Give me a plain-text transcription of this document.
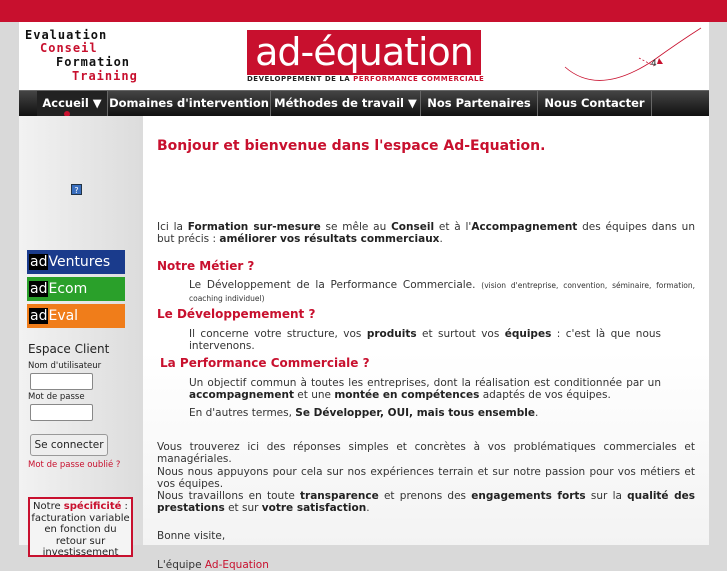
Evaluation
Conseil
Formation
Training
ad-équation
DEVELOPPEMENT DE LA PERFORMANCE COMMERCIALE
4
Accueil ▼ Domaines d'intervention Méthodes de travail ▼ Nos Partenaires	Nous Contacter
?
adVentures
adEcom
adEval
Espace Client
Nom d'utilisateur
Mot de passe
Se connecter
Mot de passe oublié ?
Notre spécificité : facturation variable en fonction du retour sur investissement
Bonjour et bienvenue dans l'espace Ad-Equation.
Ici la Formation sur-mesure se mêle au Conseil et à l'Accompagnement des équipes dans un but précis : améliorer vos résultats commerciaux.
Notre Métier ?
Le Développement de la Performance Commerciale. (vision d'entreprise, convention, séminaire, formation, coaching individuel)
Le Développemement ?
Il concerne votre structure, vos produits et surtout vos équipes : c'est là que nous intervenons.
La Performance Commerciale ?
Un objectif commun à toutes les entreprises, dont la réalisation est conditionnée par un accompagnement et une montée en compétences adaptés de vos équipes.
En d'autres termes, Se Développer, OUI, mais tous ensemble.
Vous trouverez ici des réponses simples et concrètes à vos problématiques commerciales et managériales.
Nous nous appuyons pour cela sur nos expériences terrain et sur notre passion pour vos métiers et vos équipes.
Nous travaillons en toute transparence et prenons des engagements forts sur la qualité des prestations et sur votre satisfaction.
Bonne visite,
L'équipe Ad-Equation
